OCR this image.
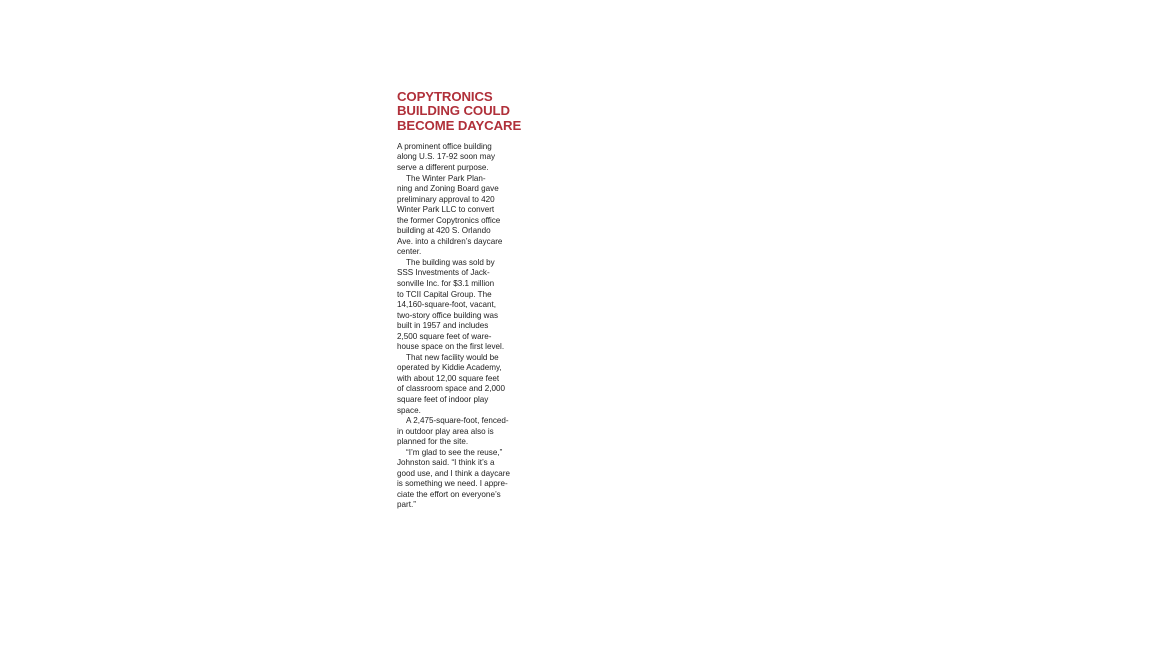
COPYTRONICS
BUILDING COULD
BECOME DAYCARE

A prominent office building
along U.S. 17-92 soon may
serve a different purpose.

The Winter Park Plan-
ning and Zoning Board gave
preliminary approval to 420
Winter Park LLC to convert
the former Copytronics office
building at 420 S. Orlando
Ave. into a children’s daycare
center.

The building was sold by
SSS Investments of Jack-
sonville Inc. for $3.1 million
to TCII Capital Group. The
14,160-square-foot, vacant,
two-story office building was
built in 1957 and includes
2,500 square feet of ware-
house space on the first level.

That new facility would be
operated by Kiddie Academy,
with about 12,00 square feet
of classroom space and 2,000
square feet of indoor play
space.

A 2,475-square-foot, fenced-
in outdoor play area also is
planned for the site.

“I’m glad to see the reuse,”
Johnston said. “I think it’s a
good use, and I think a daycare
is something we need. I appre-
ciate the effort on everyone’s
part.”
